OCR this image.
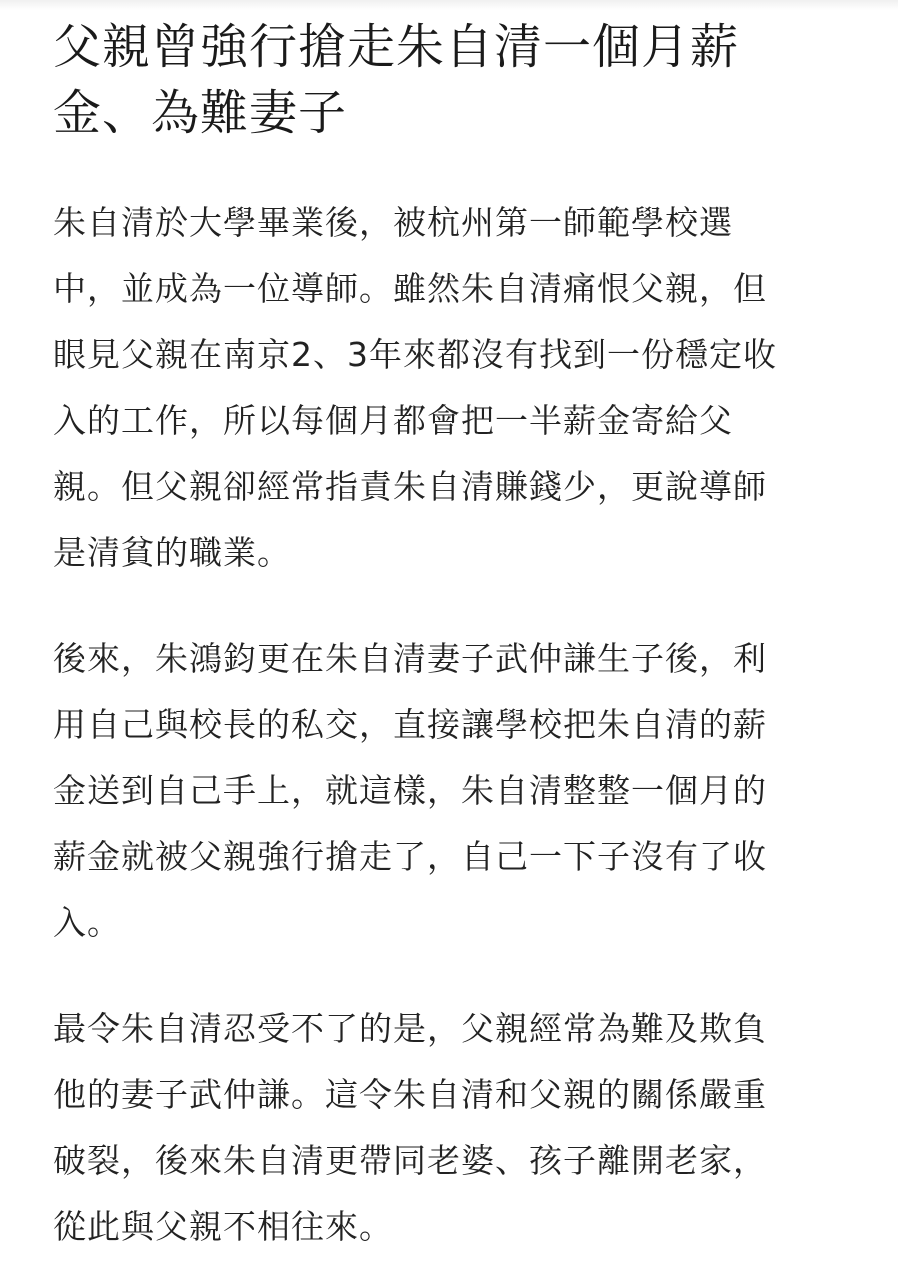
父親曾強行搶走朱自清一個月薪
金、為難妻子

朱自清於大學畢業後，被杭州第一師範學校選
中，並成為一位導師。雖然朱自清痛恨父親，但
眼見父親在南京2、3年來都沒有找到一份穩定收
入的工作，所以每個月都會把一半薪金寄給父
親。但父親卻經常指責朱自清賺錢少，更說導師
是清貧的職業。

後來，朱鴻鈞更在朱自清妻子武仲謙生子後，利
用自己與校長的私交，直接讓學校把朱自清的薪
金送到自己手上，就這樣，朱自清整整一個月的
薪金就被父親強行搶走了，自己一下子沒有了收
入。

最令朱自清忍受不了的是，父親經常為難及欺負
他的妻子武仲謙。這令朱自清和父親的關係嚴重
破裂，後來朱自清更帶同老婆、孩子離開老家，
從此與父親不相往來。
